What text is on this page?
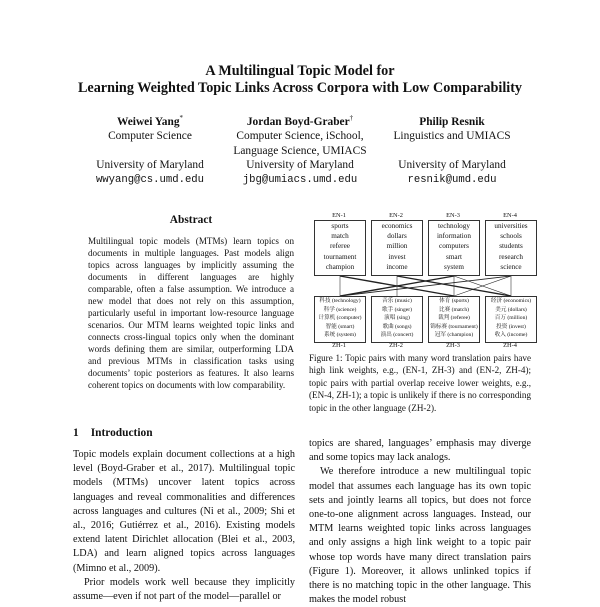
A Multilingual Topic Model for
Learning Weighted Topic Links Across Corpora with Low Comparability
Weiwei Yang*
Computer Science
University of Maryland
wwyang@cs.umd.edu
Jordan Boyd-Graber†
Computer Science, iSchool,
Language Science, UMIACS
University of Maryland
jbg@umiacs.umd.edu
Philip Resnik
Linguistics and UMIACS
University of Maryland
resnik@umd.edu
Abstract
Multilingual topic models (MTMs) learn topics on documents in multiple languages. Past models align topics across languages by implicitly assuming the documents in different languages are highly comparable, often a false assumption. We introduce a new model that does not rely on this assumption, particularly useful in important low-resource language scenarios. Our MTM learns weighted topic links and connects cross-lingual topics only when the dominant words defining them are similar, outperforming LDA and previous MTMs in classification tasks using documents’ topic posteriors as features. It also learns coherent topics on documents with low comparability.
EN-1
sports
match
referee
tournament
champion
EN-2
economics
dollars
million
invest
income
EN-3
technology
information
computers
smart
system
EN-4
universities
schools
students
research
science
科技 (technology)
科学 (science)
计算机 (computer)
智能 (smart)
系统 (system)
ZH-1
音乐 (music)
歌手 (singer)
演唱 (sing)
歌曲 (songs)
演出 (concert)
ZH-2
体育 (sports)
比赛 (match)
裁判 (referee)
锦标赛 (tournament)
冠军 (champion)
ZH-3
经济 (economics)
美元 (dollars)
百万 (million)
投资 (invest)
收入 (income)
ZH-4
Figure 1: Topic pairs with many word translation pairs have high link weights, e.g., (EN-1, ZH-3) and (EN-2, ZH-4); topic pairs with partial overlap receive lower weights, e.g., (EN-4, ZH-1); a topic is unlikely if there is no corresponding topic in the other language (ZH-2).
1 Introduction

Topic models explain document collections at a high level (Boyd-Graber et al., 2017). Multilingual topic models (MTMs) uncover latent topics across languages and reveal commonalities and differences across languages and cultures (Ni et al., 2009; Shi et al., 2016; Gutiérrez et al., 2016). Existing models extend latent Dirichlet allocation (Blei et al., 2003, LDA) and learn aligned topics across languages (Mimno et al., 2009).

Prior models work well because they implicitly assume—even if not part of the model—parallel or

topics are shared, languages’ emphasis may diverge and some topics may lack analogs.

We therefore introduce a new multilingual topic model that assumes each language has its own topic sets and jointly learns all topics, but does not force one-to-one alignment across languages. Instead, our MTM learns weighted topic links across languages and only assigns a high link weight to a topic pair whose top words have many direct translation pairs (Figure 1). Moreover, it allows unlinked topics if there is no matching topic in the other language. This makes the model robust
